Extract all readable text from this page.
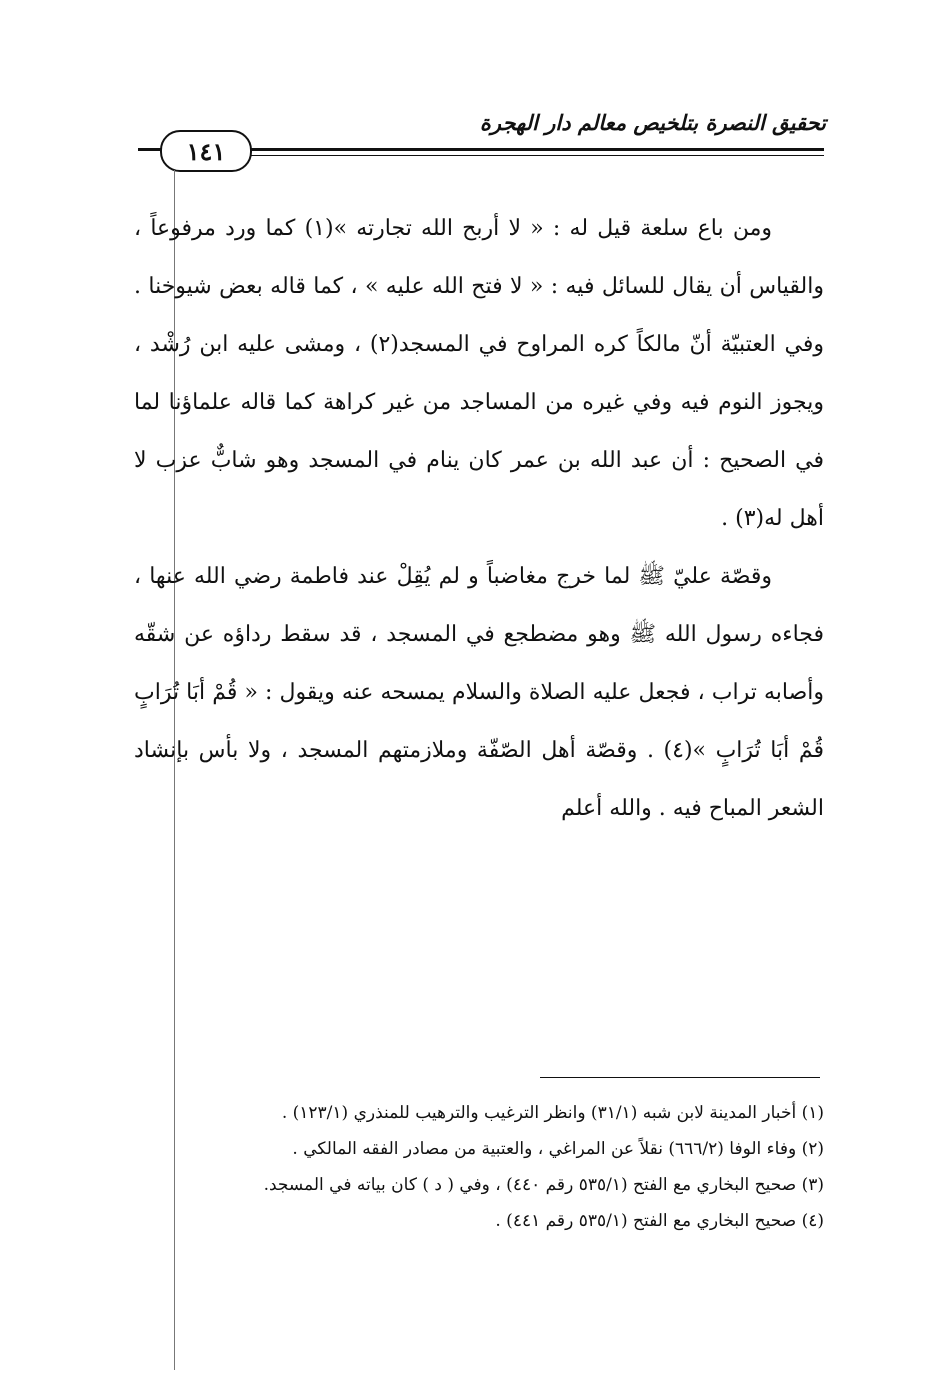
تحقيق النصرة بتلخيص معالم دار الهجرة
١٤١

ومن باع سلعة قيل له : « لا أربح الله تجارته »(١) كما ورد مرفوعاً ، والقياس أن يقال للسائل فيه : « لا فتح الله عليه » ، كما قاله بعض شيوخنا . وفي العتبيّة أنّ مالكاً كره المراوح في المسجد(٢) ، ومشى عليه ابن رُشْد ، ويجوز النوم فيه وفي غيره من المساجد من غير كراهة كما قاله علماؤنا لما في الصحيح : أن عبد الله بن عمر كان ينام في المسجد وهو شابٌّ عزب لا أهل له(٣) .

وقصّة عليّ ﷺ لما خرج مغاضباً و لم يُقِلْ عند فاطمة رضي الله عنها ، فجاءه رسول الله ﷺ وهو مضطجع في المسجد ، قد سقط رداؤه عن شقّه وأصابه تراب ، فجعل عليه الصلاة والسلام يمسحه عنه ويقول : « قُمْ أبَا تُرَابٍ قُمْ أبَا تُرَابٍ »(٤) . وقصّة أهل الصّفّة وملازمتهم المسجد ، ولا بأس بإنشاد الشعر المباح فيه . والله أعلم

(١) أخبار المدينة لابن شبه (٣١/١) وانظر الترغيب والترهيب للمنذري (١٢٣/١) .
(٢) وفاء الوفا (٦٦٦/٢) نقلاً عن المراغي ، والعتبية من مصادر الفقه المالكي .
(٣) صحيح البخاري مع الفتح (٥٣٥/١ رقم ٤٤٠) ، وفي ( د ) كان بياته في المسجد.
(٤) صحيح البخاري مع الفتح (٥٣٥/١ رقم ٤٤١) .
